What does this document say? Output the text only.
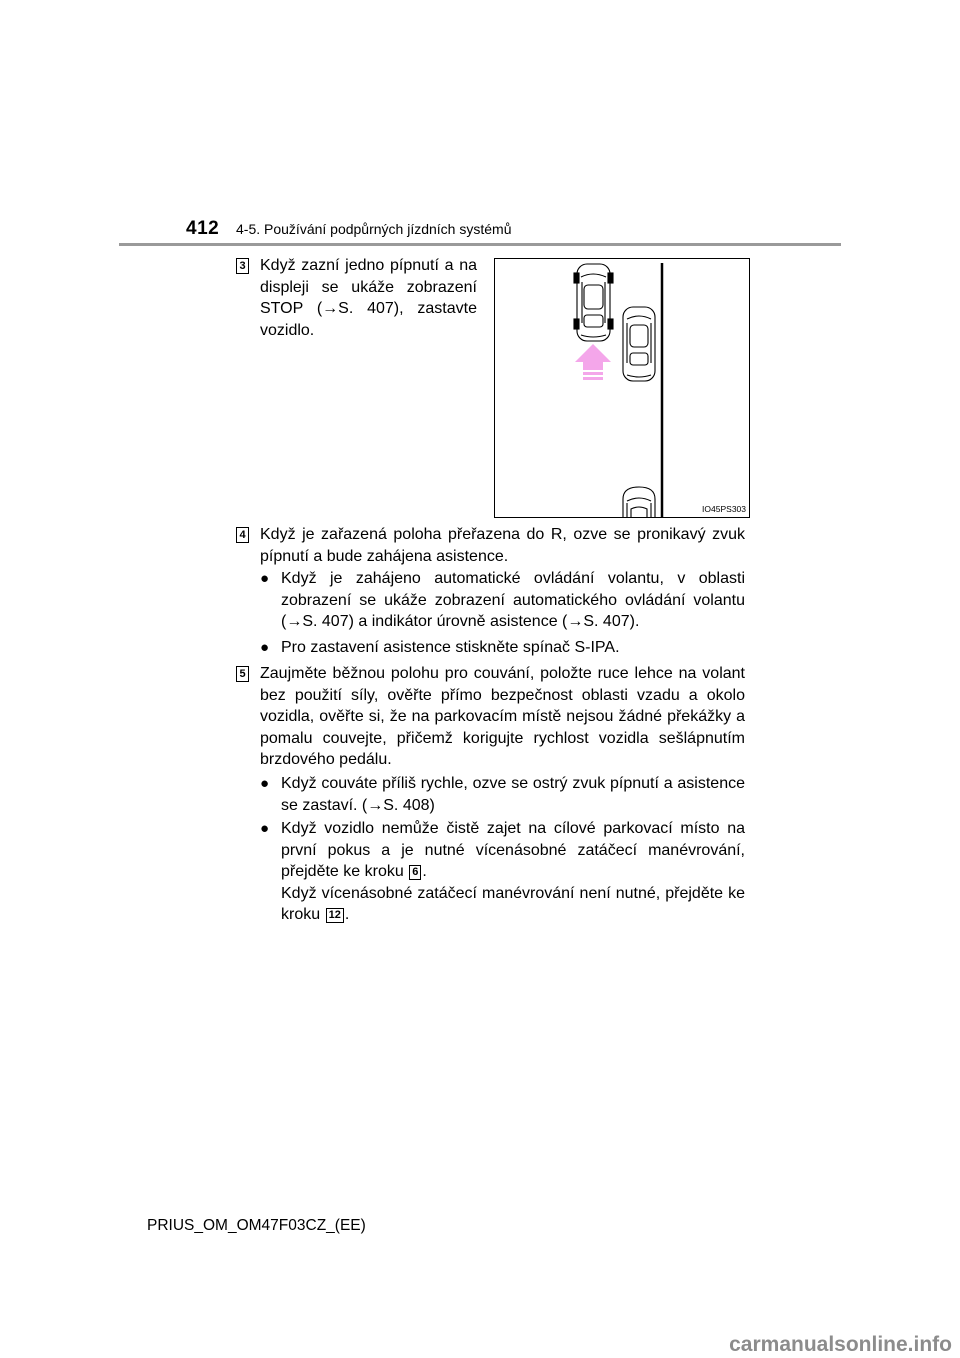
412 4-5. Používání podpůrných jízdních systémů
3 Když zazní jedno pípnutí a na displeji se ukáže zobrazení STOP (→S. 407), zastavte vozidlo.

IO45PS303
4 Když je zařazená poloha přeřazena do R, ozve se pronikavý zvuk pípnutí a bude zahájena asistence.

● Když je zahájeno automatické ovládání volantu, v oblasti zobrazení se ukáže zobrazení automatického ovládání volantu (→S. 407) a indikátor úrovně asistence (→S. 407).
● Pro zastavení asistence stiskněte spínač S-IPA.
5 Zaujměte běžnou polohu pro couvání, položte ruce lehce na volant bez použití síly, ověřte přímo bezpečnost oblasti vzadu a okolo vozidla, ověřte si, že na parkovacím místě nejsou žádné překážky a pomalu couvejte, přičemž korigujte rychlost vozidla sešlápnutím brzdového pedálu.

● Když couváte příliš rychle, ozve se ostrý zvuk pípnutí a asistence se zastaví. (→S. 408)
● Když vozidlo nemůže čistě zajet na cílové parkovací místo na první pokus a je nutné vícenásobné zatáčecí manévrování, přejděte ke kroku 6 .
Když vícenásobné zatáčecí manévrování není nutné, přejděte ke kroku 12 .
PRIUS_OM_OM47F03CZ_(EE)
carmanualsonline.info
